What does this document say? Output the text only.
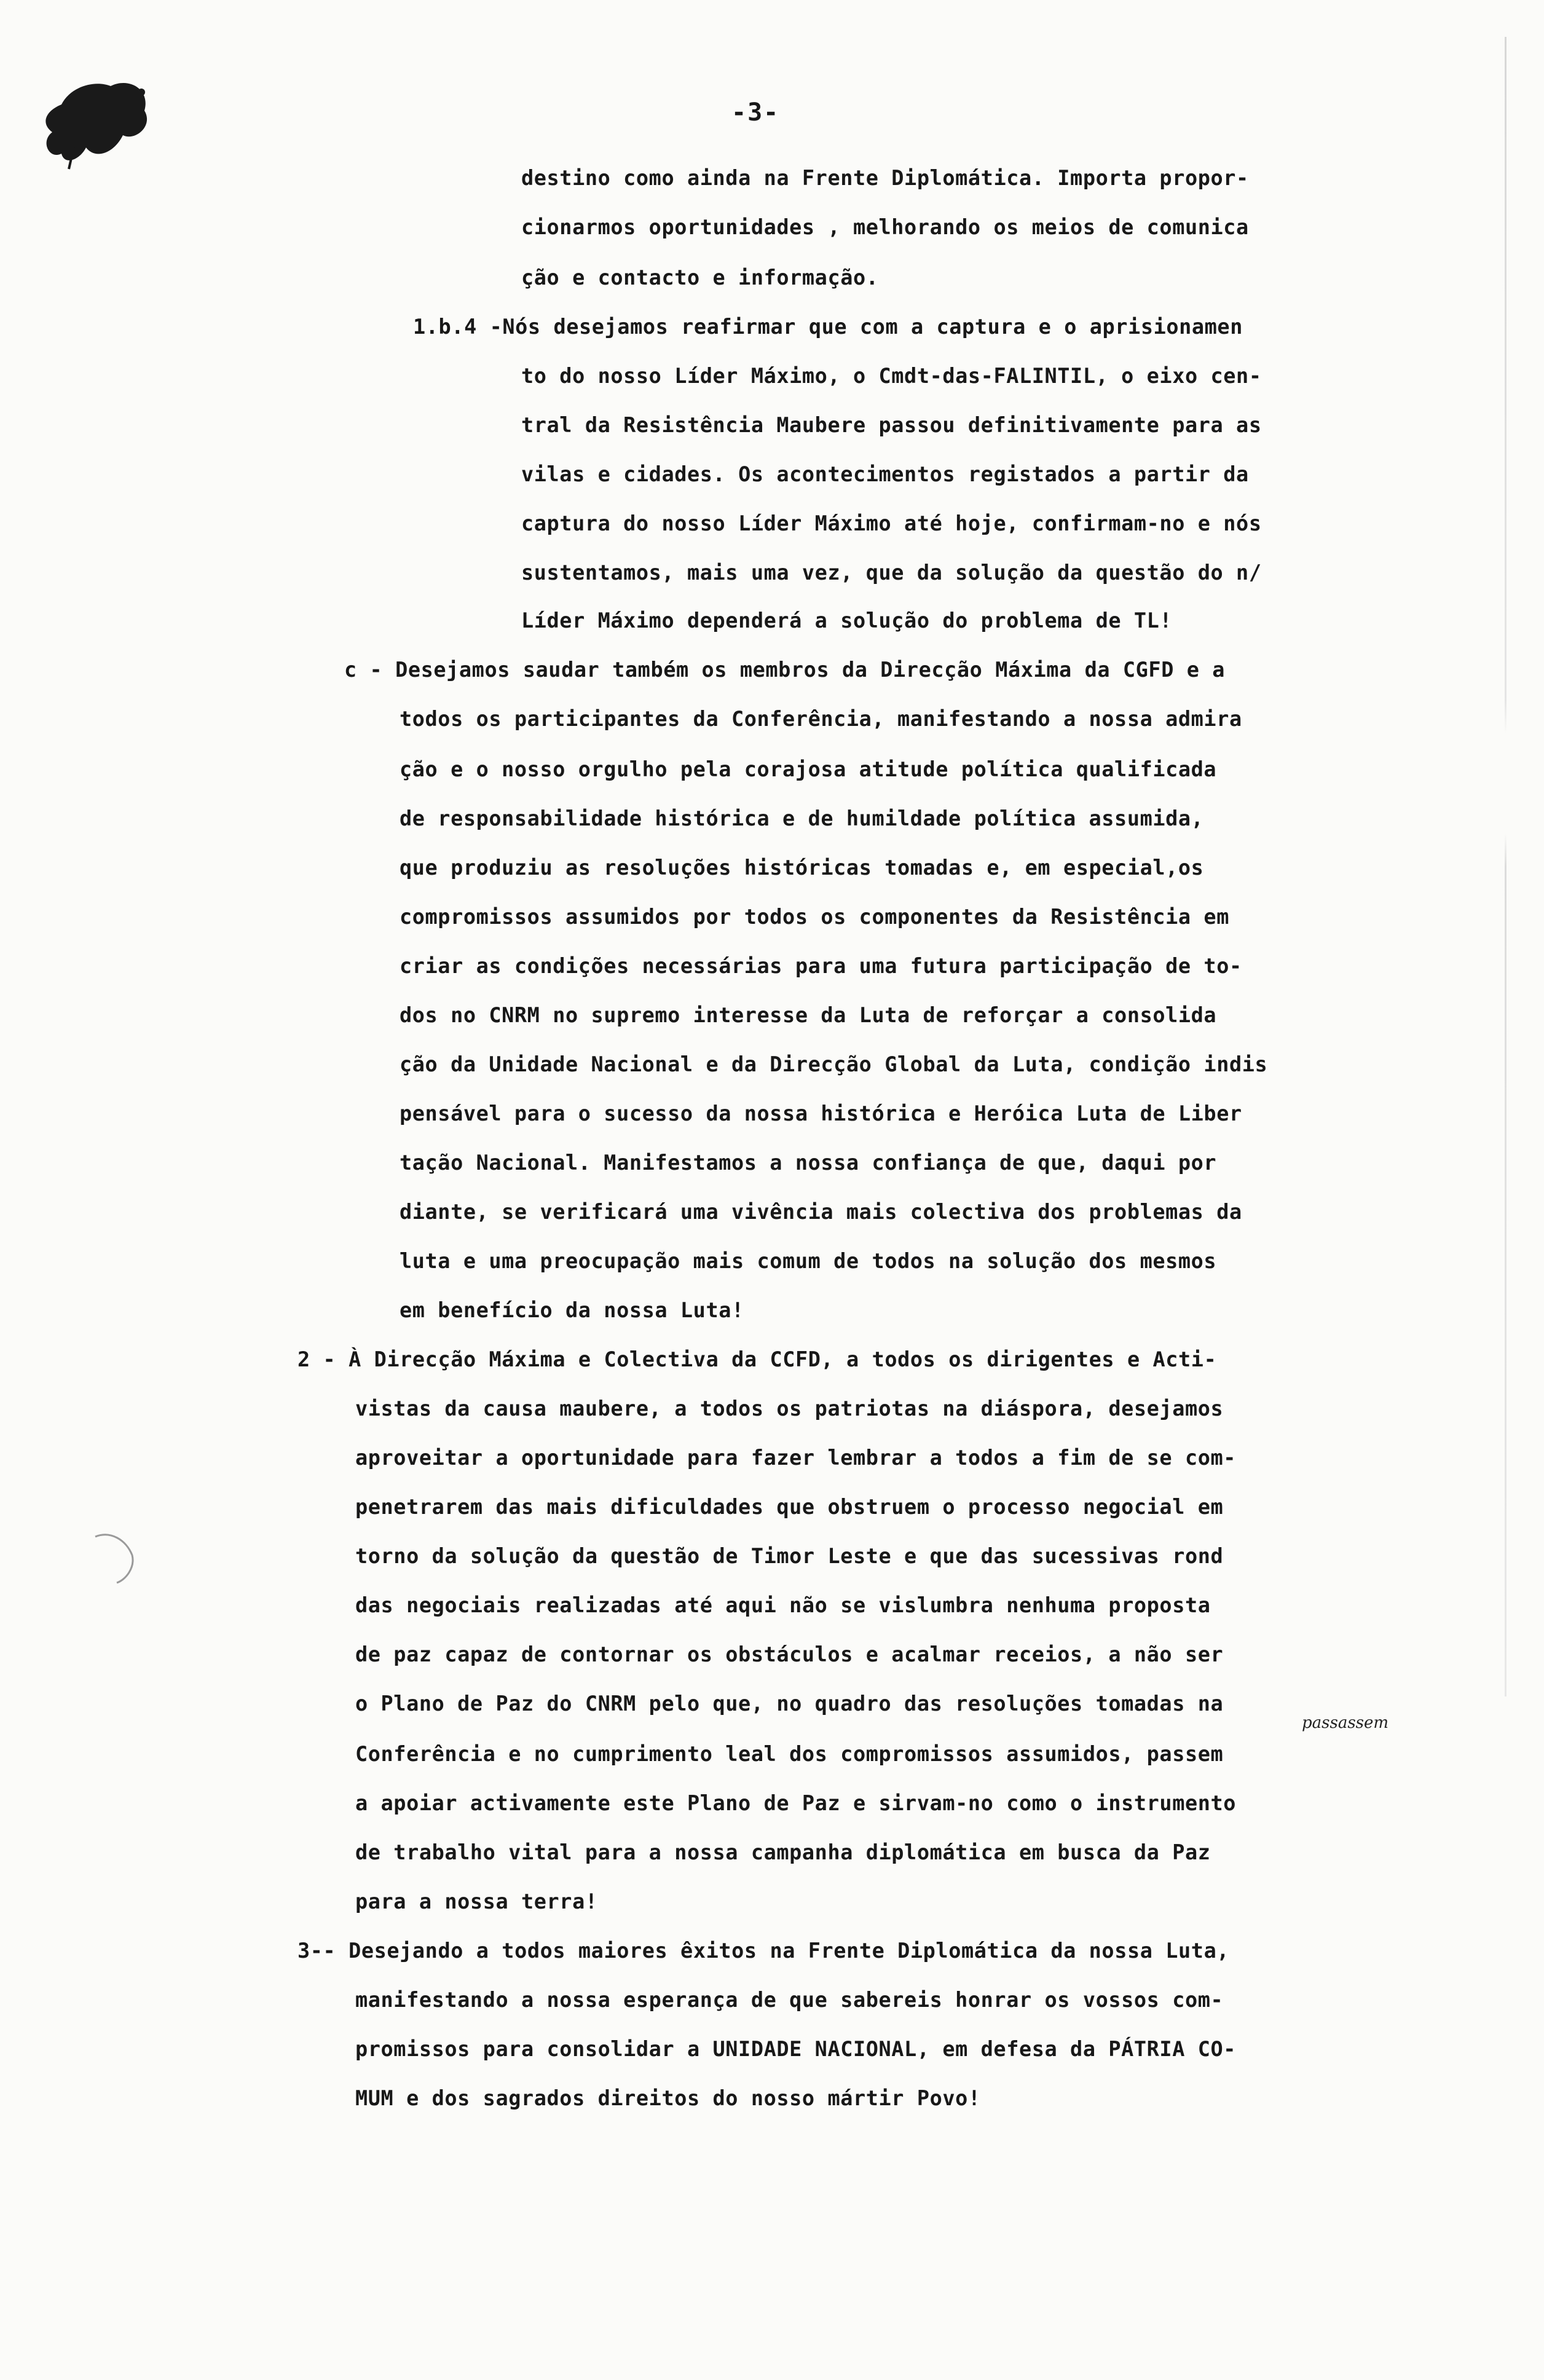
-3-
destino como ainda na Frente Diplomática. Importa propor-
cionarmos oportunidades , melhorando os meios de comunica
ção e contacto e informação.
1.b.4 -Nós desejamos reafirmar que com a captura e o aprisionamen
to do nosso Líder Máximo, o Cmdt-das-FALINTIL, o eixo cen-
tral da Resistência Maubere passou definitivamente para as
vilas e cidades. Os acontecimentos registados a partir da
captura do nosso Líder Máximo até hoje, confirmam-no e nós
sustentamos, mais uma vez, que da solução da questão do n/
Líder Máximo dependerá a solução do problema de TL!
c - Desejamos saudar também os membros da Direcção Máxima da CGFD e a
todos os participantes da Conferência, manifestando a nossa admira
ção e o nosso orgulho pela corajosa atitude política qualificada
de responsabilidade histórica e de humildade política assumida,
que produziu as resoluções históricas tomadas e, em especial,os
compromissos assumidos por todos os componentes da Resistência em
criar as condições necessárias para uma futura participação de to-
dos no CNRM no supremo interesse da Luta de reforçar a consolida
ção da Unidade Nacional e da Direcção Global da Luta, condição indis
pensável para o sucesso da nossa histórica e Heróica Luta de Liber
tação Nacional. Manifestamos a nossa confiança de que, daqui por
diante, se verificará uma vivência mais colectiva dos problemas da
luta e uma preocupação mais comum de todos na solução dos mesmos
em benefício da nossa Luta!
2 - À Direcção Máxima e Colectiva da CCFD, a todos os dirigentes e Acti-
vistas da causa maubere, a todos os patriotas na diáspora, desejamos
aproveitar a oportunidade para fazer lembrar a todos a fim de se com-
penetrarem das mais dificuldades que obstruem o processo negocial em
torno da solução da questão de Timor Leste e que das sucessivas rond
das negociais realizadas até aqui não se vislumbra nenhuma proposta
de paz capaz de contornar os obstáculos e acalmar receios, a não ser
o Plano de Paz do CNRM pelo que, no quadro das resoluções tomadas na
Conferência e no cumprimento leal dos compromissos assumidos, passem
a apoiar activamente este Plano de Paz e sirvam-no como o instrumento
de trabalho vital para a nossa campanha diplomática em busca da Paz
para a nossa terra!
passassem
3-- Desejando a todos maiores êxitos na Frente Diplomática da nossa Luta,
manifestando a nossa esperança de que sabereis honrar os vossos com-
promissos para consolidar a UNIDADE NACIONAL, em defesa da PÁTRIA CO-
MUM e dos sagrados direitos do nosso mártir Povo!
